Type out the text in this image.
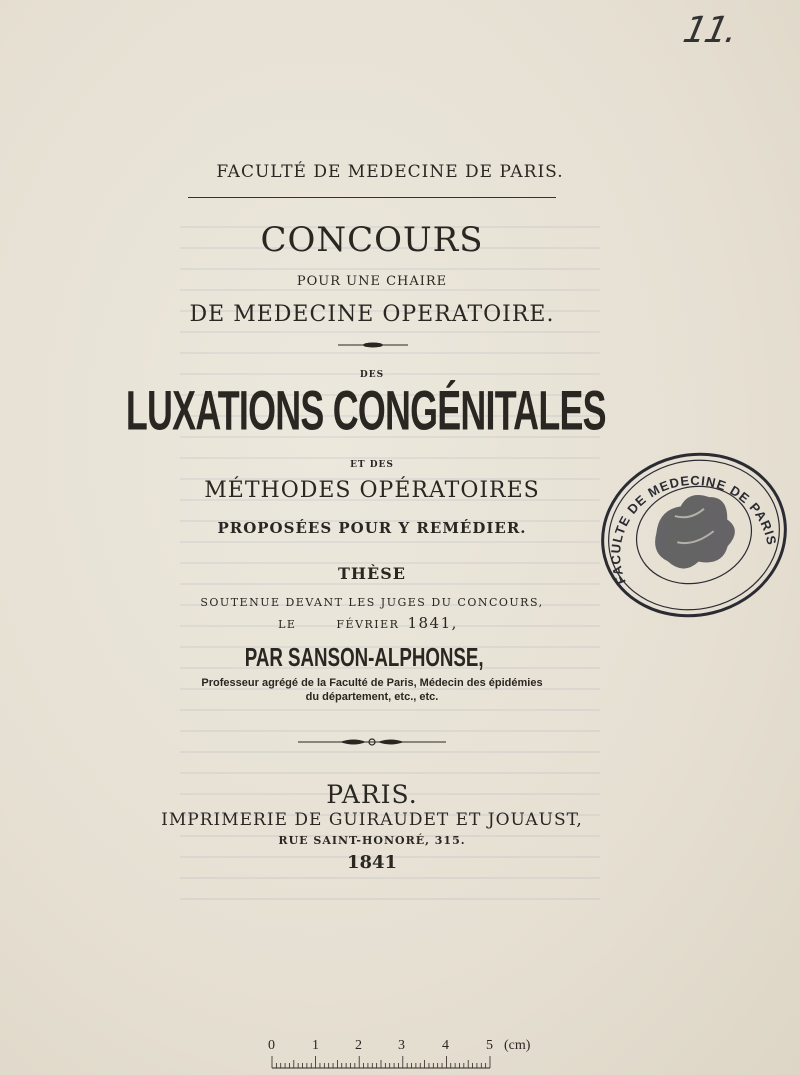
11.
FACULTÉ DE MEDECINE DE PARIS.
CONCOURS
POUR UNE CHAIRE
DE MEDECINE OPERATOIRE.
DES
LUXATIONS CONGÉNITALES
ET DES
MÉTHODES OPÉRATOIRES
PROPOSÉES POUR Y REMÉDIER.
THÈSE
SOUTENUE DEVANT LES JUGES DU CONCOURS,
LE	FÉVRIER 1841,
PAR SANSON-ALPHONSE,
Professeur agrégé de la Faculté de Paris, Médecin des épidémies
du département, etc., etc.
PARIS.
IMPRIMERIE DE GUIRAUDET ET JOUAUST,
RUE SAINT-HONORÉ, 315.
1841
FACULTE DE MEDECINE DE PARIS
0	1	2	3	4	5 (cm)
